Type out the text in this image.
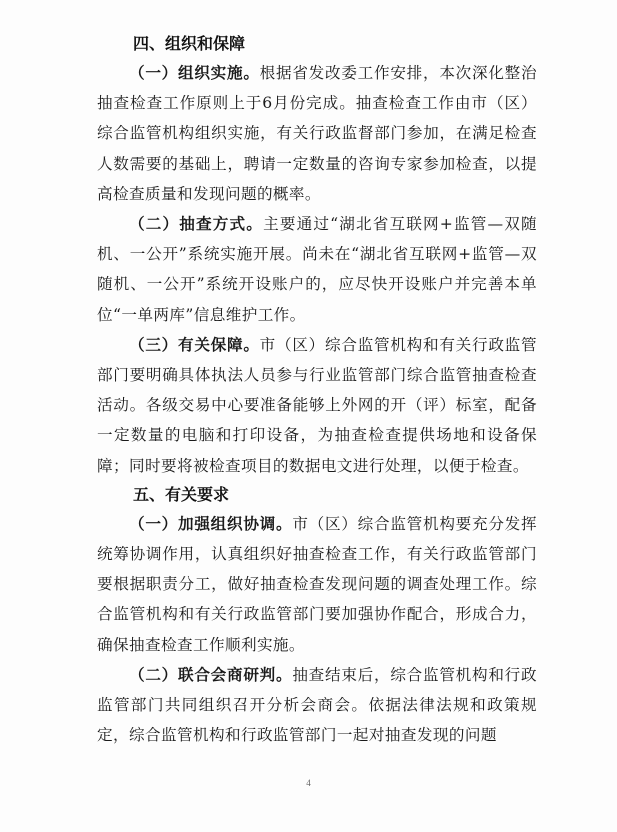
四、组织和保障

（一）组织实施。根据省发改委工作安排，本次深化整治抽查检查工作原则上于6月份完成。抽查检查工作由市（区）综合监管机构组织实施，有关行政监督部门参加，在满足检查人数需要的基础上，聘请一定数量的咨询专家参加检查，以提高检查质量和发现问题的概率。

（二）抽查方式。主要通过“湖北省互联网+监管—双随机、一公开”系统实施开展。尚未在“湖北省互联网+监管—双随机、一公开”系统开设账户的，应尽快开设账户并完善本单位“一单两库”信息维护工作。

（三）有关保障。市（区）综合监管机构和有关行政监管部门要明确具体执法人员参与行业监管部门综合监管抽查检查活动。各级交易中心要准备能够上外网的开（评）标室，配备一定数量的电脑和打印设备，为抽查检查提供场地和设备保障；同时要将被检查项目的数据电文进行处理，以便于检查。

五、有关要求

（一）加强组织协调。市（区）综合监管机构要充分发挥统筹协调作用，认真组织好抽查检查工作，有关行政监管部门要根据职责分工，做好抽查检查发现问题的调查处理工作。综合监管机构和有关行政监管部门要加强协作配合，形成合力，确保抽查检查工作顺利实施。

（二）联合会商研判。抽查结束后，综合监管机构和行政监管部门共同组织召开分析会商会。依据法律法规和政策规定，综合监管机构和行政监管部门一起对抽查发现的问题

4
